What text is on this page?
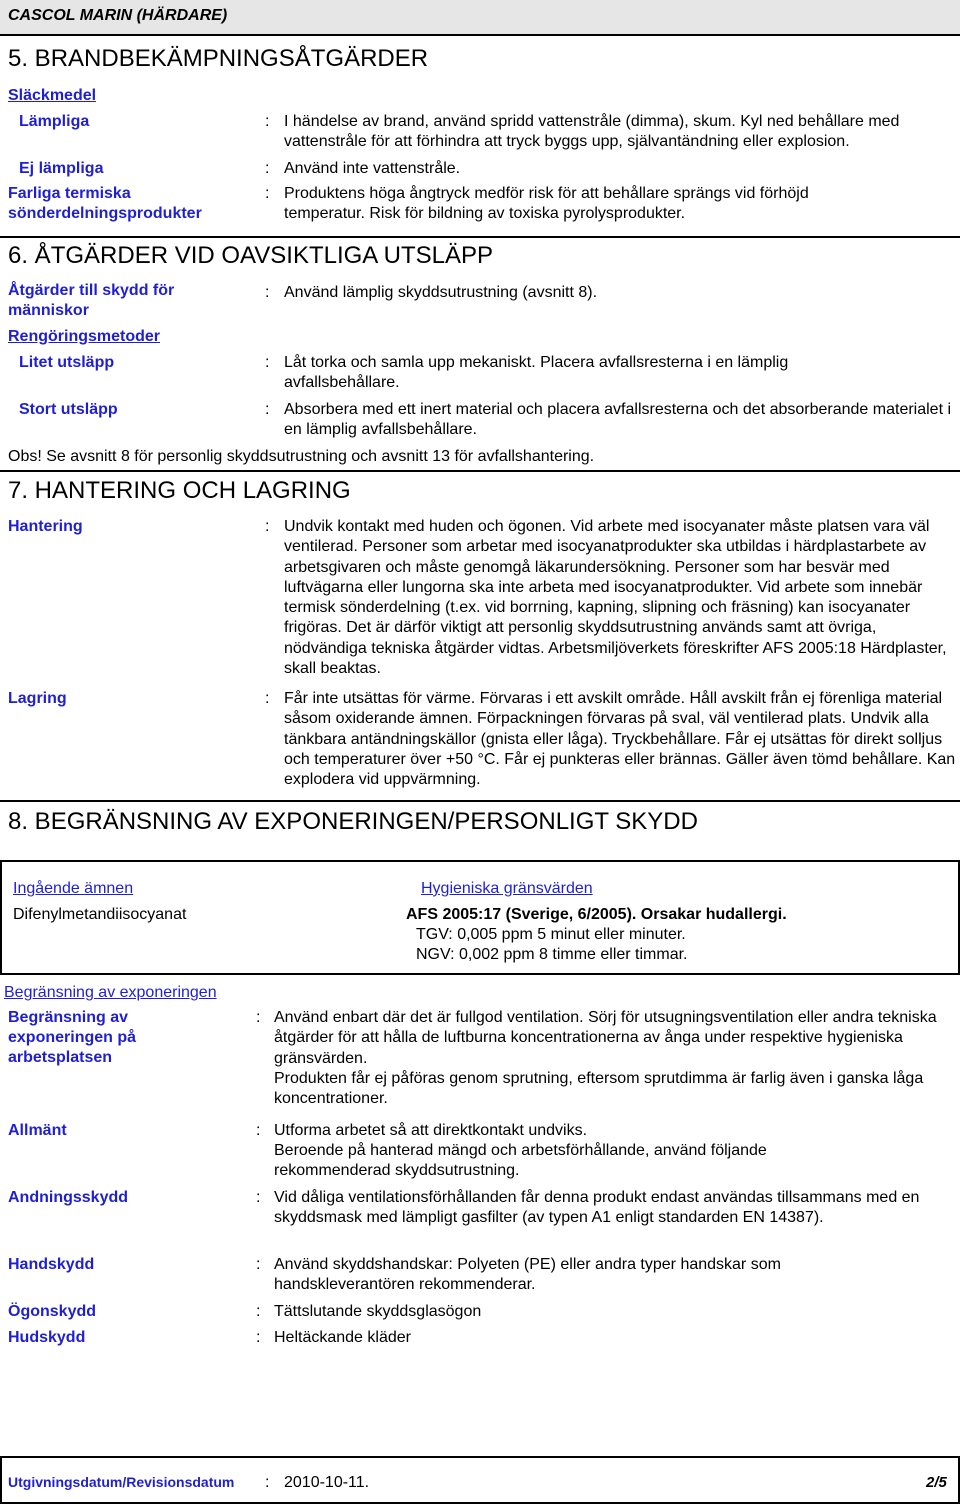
CASCOL MARIN (HÄRDARE)
5. BRANDBEKÄMPNINGSÅTGÄRDER
Släckmedel
Lämpliga	: I händelse av brand, använd spridd vattenstråle (dimma), skum. Kyl ned behållare med vattenstråle för att förhindra att tryck byggs upp, självantändning eller explosion.
Ej lämpliga	: Använd inte vattenstråle.
Farliga termiska sönderdelningsprodukter
: Produktens höga ångtryck medför risk för att behållare sprängs vid förhöjd temperatur. Risk för bildning av toxiska pyrolysprodukter.
6. ÅTGÄRDER VID OAVSIKTLIGA UTSLÄPP
Åtgärder till skydd för människor
: Använd lämplig skyddsutrustning (avsnitt 8).
Rengöringsmetoder
Litet utsläpp	: Låt torka och samla upp mekaniskt. Placera avfallsresterna i en lämplig avfallsbehållare.
Stort utsläpp	: Absorbera med ett inert material och placera avfallsresterna och det absorberande materialet i en lämplig avfallsbehållare.
Obs! Se avsnitt 8 för personlig skyddsutrustning och avsnitt 13 för avfallshantering.
7. HANTERING OCH LAGRING
Hantering	: Undvik kontakt med huden och ögonen. Vid arbete med isocyanater måste platsen vara väl ventilerad. Personer som arbetar med isocyanatprodukter ska utbildas i härdplastarbete av arbetsgivaren och måste genomgå läkarundersökning. Personer som har besvär med luftvägarna eller lungorna ska inte arbeta med isocyanatprodukter. Vid arbete som innebär termisk sönderdelning (t.ex. vid borrning, kapning, slipning och fräsning) kan isocyanater frigöras. Det är därför viktigt att personlig skyddsutrustning används samt att övriga, nödvändiga tekniska åtgärder vidtas. Arbetsmiljöverkets föreskrifter AFS 2005:18 Härdplaster, skall beaktas.
Lagring	: Får inte utsättas för värme. Förvaras i ett avskilt område. Håll avskilt från ej förenliga material såsom oxiderande ämnen. Förpackningen förvaras på sval, väl ventilerad plats. Undvik alla tänkbara antändningskällor (gnista eller låga). Tryckbehållare. Får ej utsättas för direkt solljus och temperaturer över +50 °C. Får ej punkteras eller brännas. Gäller även tömd behållare. Kan explodera vid uppvärmning.
8. BEGRÄNSNING AV EXPONERINGEN/PERSONLIGT SKYDD
Ingående ämnen	Hygieniska gränsvärden
Difenylmetandiisocyanat	AFS 2005:17 (Sverige, 6/2005). Orsakar hudallergi.
TGV: 0,005 ppm 5 minut eller minuter.
NGV: 0,002 ppm 8 timme eller timmar.
Begränsning av exponeringen
Begränsning av exponeringen på arbetsplatsen
: Använd enbart där det är fullgod ventilation. Sörj för utsugningsventilation eller andra tekniska åtgärder för att hålla de luftburna koncentrationerna av ånga under respektive hygieniska gränsvärden.
Produkten får ej påföras genom sprutning, eftersom sprutdimma är farlig även i ganska låga koncentrationer.
Allmänt	: Utforma arbetet så att direktkontakt undviks.
Beroende på hanterad mängd och arbetsförhållande, använd följande rekommenderad skyddsutrustning.
Andningsskydd	: Vid dåliga ventilationsförhållanden får denna produkt endast användas tillsammans med en skyddsmask med lämpligt gasfilter (av typen A1 enligt standarden EN 14387).
Handskydd	: Använd skyddshandskar: Polyeten (PE) eller andra typer handskar som handskleverantören rekommenderar.
Ögonskydd	: Tättslutande skyddsglasögon
Hudskydd	: Heltäckande kläder
Utgivningsdatum/Revisionsdatum : 2010-10-11.	2/5
